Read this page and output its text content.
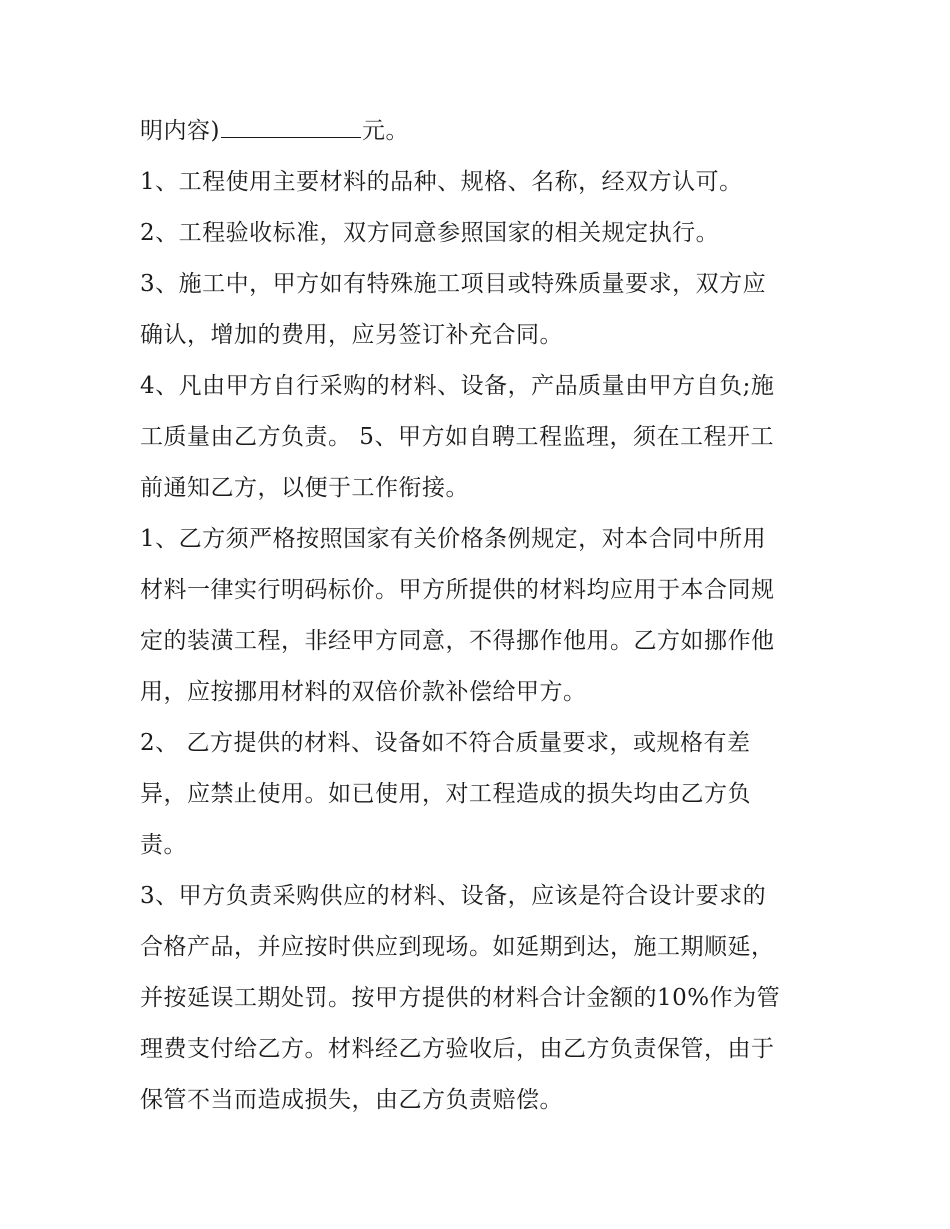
明内容)	元。
1、工程使用主要材料的品种、规格、名称，经双方认可。
2、工程验收标准，双方同意参照国家的相关规定执行。
3、施工中，甲方如有特殊施工项目或特殊质量要求，双方应
确认，增加的费用，应另签订补充合同。
4、凡由甲方自行采购的材料、设备，产品质量由甲方自负;施
工质量由乙方负责。 5、甲方如自聘工程监理，须在工程开工
前通知乙方，以便于工作衔接。
1、乙方须严格按照国家有关价格条例规定，对本合同中所用
材料一律实行明码标价。甲方所提供的材料均应用于本合同规
定的装潢工程，非经甲方同意，不得挪作他用。乙方如挪作他
用，应按挪用材料的双倍价款补偿给甲方。
2、 乙方提供的材料、设备如不符合质量要求，或规格有差
异，应禁止使用。如已使用，对工程造成的损失均由乙方负
责。
3、甲方负责采购供应的材料、设备，应该是符合设计要求的
合格产品，并应按时供应到现场。如延期到达，施工期顺延，
并按延误工期处罚。按甲方提供的材料合计金额的10%作为管
理费支付给乙方。材料经乙方验收后，由乙方负责保管，由于
保管不当而造成损失，由乙方负责赔偿。
